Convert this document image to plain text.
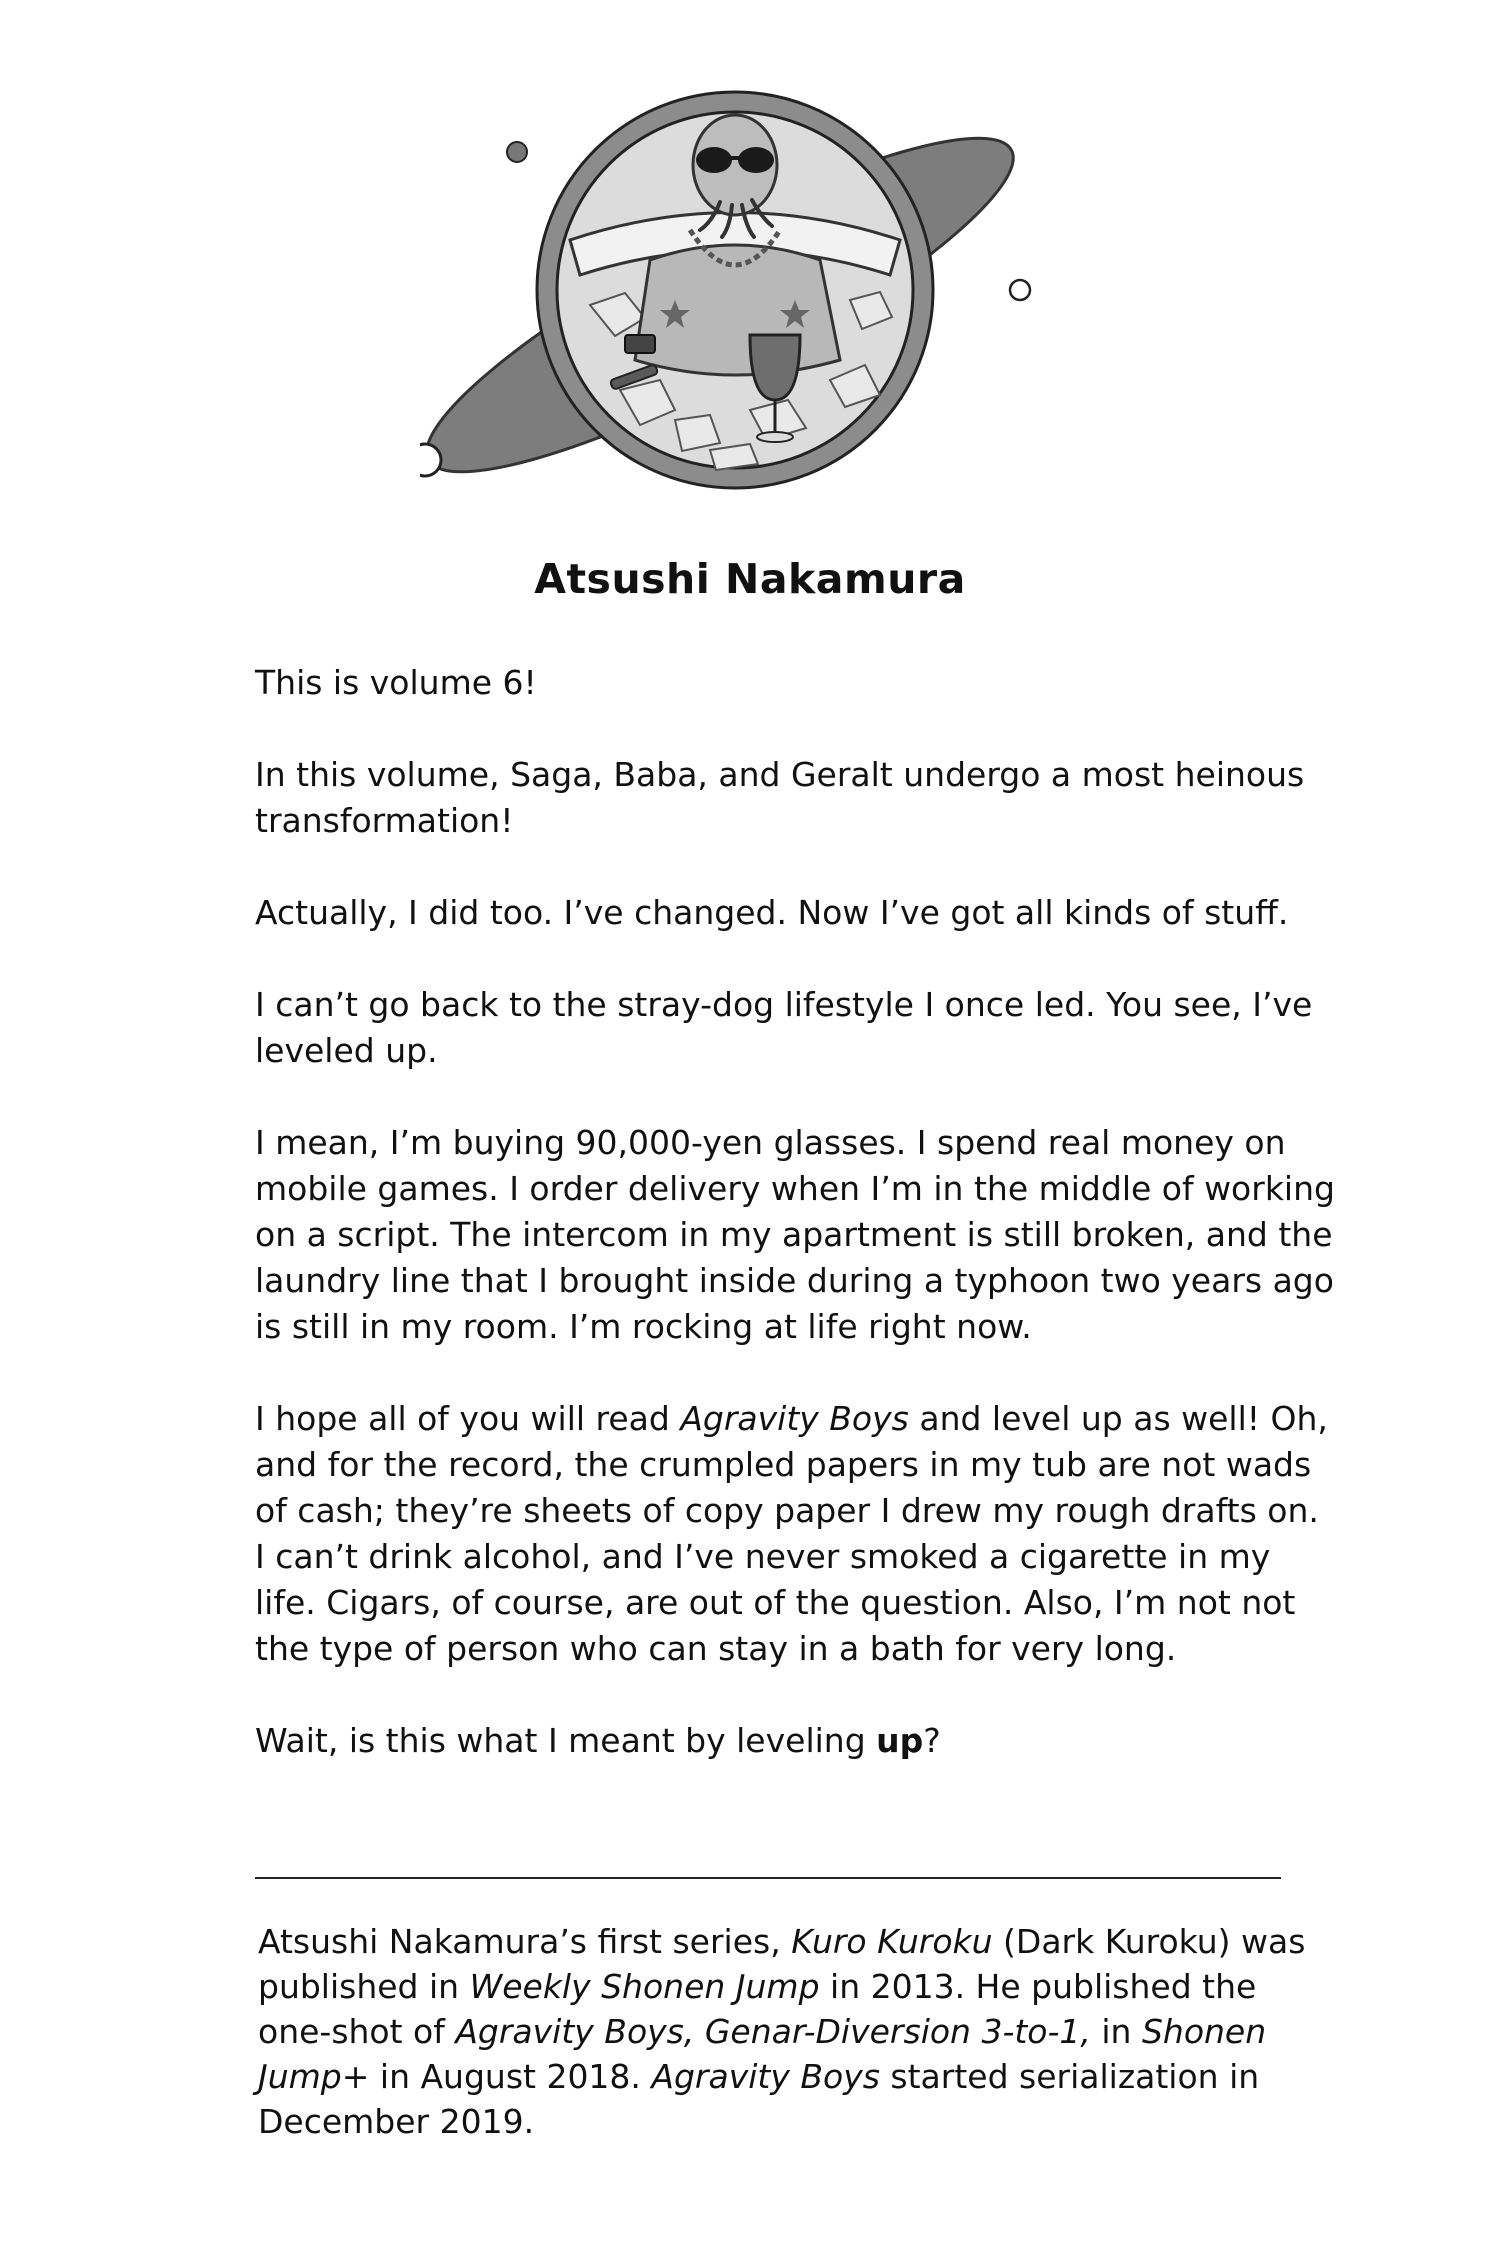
Atsushi Nakamura

This is volume 6!

In this volume, Saga, Baba, and Geralt undergo a most heinous transformation!

Actually, I did too. I’ve changed. Now I’ve got all kinds of stuff.

I can’t go back to the stray-dog lifestyle I once led. You see, I’ve leveled up.

I mean, I’m buying 90,000-yen glasses. I spend real money on mobile games. I order delivery when I’m in the middle of working on a script. The intercom in my apartment is still broken, and the laundry line that I brought inside during a typhoon two years ago is still in my room. I’m rocking at life right now.

I hope all of you will read Agravity Boys and level up as well! Oh, and for the record, the crumpled papers in my tub are not wads of cash; they’re sheets of copy paper I drew my rough drafts on. I can’t drink alcohol, and I’ve never smoked a cigarette in my life. Cigars, of course, are out of the question. Also, I’m not not the type of person who can stay in a bath for very long.

Wait, is this what I meant by leveling up?

Atsushi Nakamura’s first series, Kuro Kuroku (Dark Kuroku) was published in Weekly Shonen Jump in 2013. He published the one-shot of Agravity Boys, Genar-Diversion 3-to-1, in Shonen Jump+ in August 2018. Agravity Boys started serialization in December 2019.
